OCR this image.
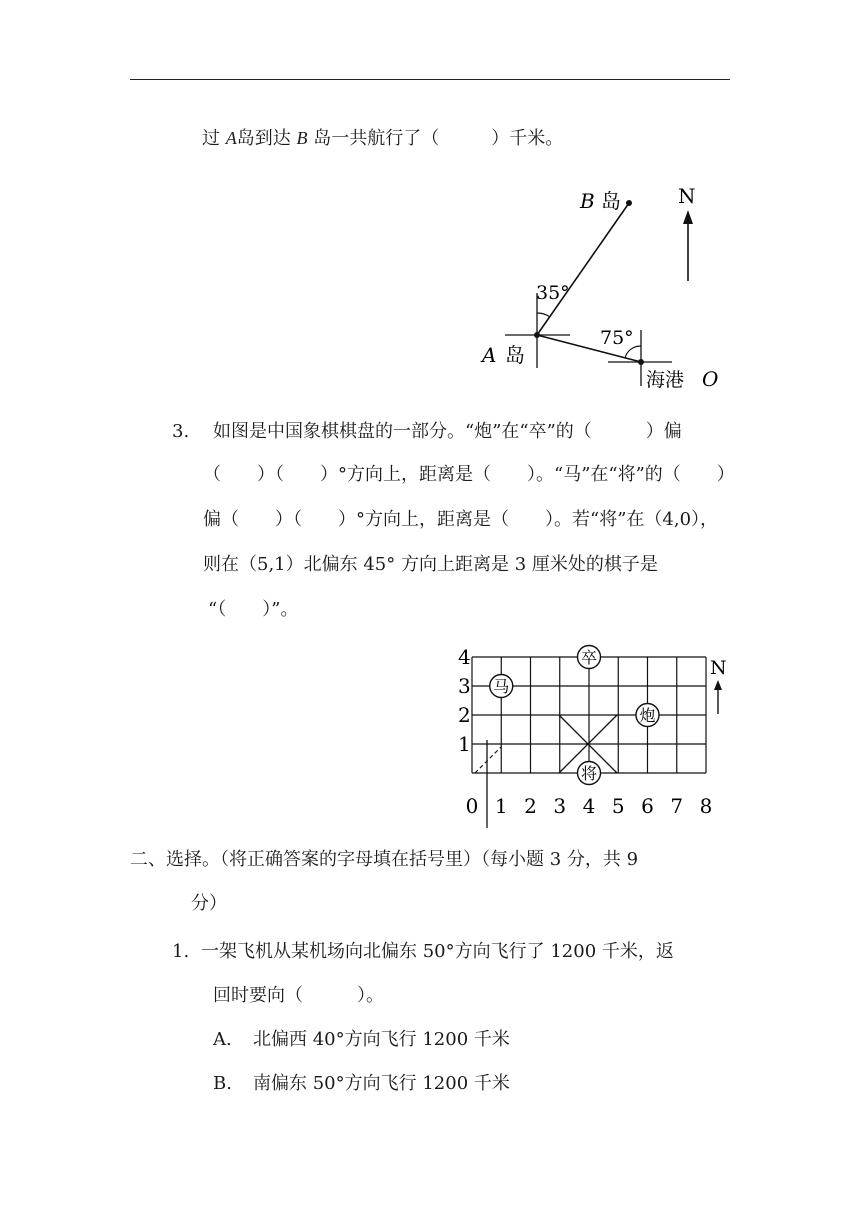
过 A岛到达 B 岛一共航行了（	）千米。
B 岛	N
35°
A 岛
75°
海港 O
3. 如图是中国象棋棋盘的一部分。“炮”在“卒”的（　　　）偏
（　　）（　　）°方向上，距离是（　　）。“马”在“将”的（　　）
偏（　　）（　　）°方向上，距离是（　　）。若“将”在（4,0），
则在（5,1）北偏东 45° 方向上距离是 3 厘米处的棋子是
“（　　）”。
0 1 2 3 4 5 6 7 8
1
2
3
4	卒
马
炮
将
N
二、选择。（将正确答案的字母填在括号里）（每小题 3 分，共 9
分）
1. 一架飞机从某机场向北偏东 50°方向飞行了 1200 千米，返
回时要向（　　　）。
A. 北偏西 40°方向飞行 1200 千米
B. 南偏东 50°方向飞行 1200 千米
